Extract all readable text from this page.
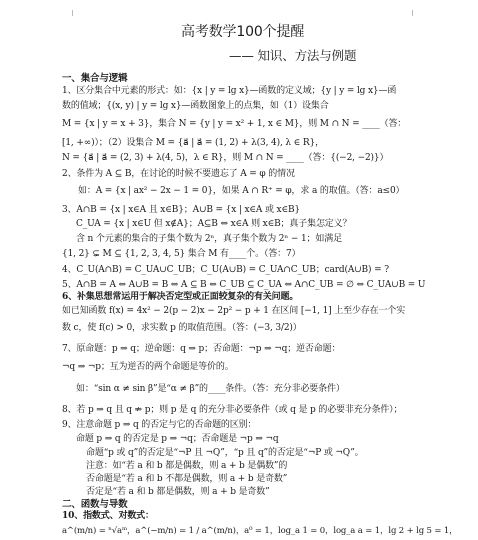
高考数学100个提醒
—— 知识、方法与例题
一、集合与逻辑
1、区分集合中元素的形式：如：{x | y = lg x}—函数的定义域；{y | y = lg x}—函
数的值域；{(x, y) | y = lg x}—函数图象上的点集，如（1）设集合
M = {x | y = x + 3}，集合 N = {y | y = x² + 1, x ∈ M}，则 M ∩ N = ____（答：
[1, +∞)）；（2）设集合 M = {a⃗ | a⃗ = (1, 2) + λ(3, 4), λ ∈ R}，
N = {a⃗ | a⃗ = (2, 3) + λ(4, 5)，λ ∈ R}，则 M ∩ N = ____（答：{(−2, −2)}）
2、条件为 A ⊆ B，在讨论的时候不要遗忘了 A = φ 的情况
如：A = {x | ax² − 2x − 1 = 0}，如果 A ∩ R⁺ = φ，求 a 的取值。（答：a≤0）
3、A∩B = {x | x∈A 且 x∈B}；A∪B = {x | x∈A 或 x∈B}
C_UA = {x | x∈U 但 x∉A}；A⊆B ⇔ x∈A 则 x∈B；真子集怎定义？
含 n 个元素的集合的子集个数为 2ⁿ，真子集个数为 2ⁿ − 1；如满足
{1, 2} ⊊ M ⊆ {1, 2, 3, 4, 5} 集合 M 有____个。（答：7）
4、C_U(A∩B) = C_UA∪C_UB；C_U(A∪B) = C_UA∩C_UB；card(A∪B) = ?
5、A∩B = A ⇔ A∪B = B ⇔ A ⊆ B ⇔ C_UB ⊆ C_UA ⇔ A∩C_UB = ∅ ⇔ C_UA∪B = U
6、补集思想常运用于解决否定型或正面较复杂的有关问题。
如已知函数 f(x) = 4x² − 2(p − 2)x − 2p² − p + 1 在区间 [−1, 1] 上至少存在一个实
数 c，使 f(c) > 0，求实数 p 的取值范围。（答：(−3, 3/2)）
7、原命题：p ⇒ q；逆命题：q ⇒ p；否命题：¬p ⇒ ¬q；逆否命题：
¬q ⇒ ¬p；互为逆否的两个命题是等价的。
如：“sin α ≠ sin β”是“α ≠ β”的____条件。（答：充分非必要条件）
8、若 p ⇒ q 且 q ⇏ p；则 p 是 q 的充分非必要条件（或 q 是 p 的必要非充分条件）；
9、注意命题 p ⇒ q 的否定与它的否命题的区别：
命题 p ⇒ q 的否定是 p ⇒ ¬q；否命题是 ¬p ⇒ ¬q
命题“p 或 q”的否定是“¬P 且 ¬Q”，“p 且 q”的否定是“¬P 或 ¬Q”。
注意：如“若 a 和 b 都是偶数，则 a + b 是偶数”的
否命题是“若 a 和 b 不都是偶数，则 a + b 是奇数”
否定是“若 a 和 b 都是偶数，则 a + b 是奇数”
二、函数与导数
10、指数式、对数式：
a^(m/n) = ⁿ√aᵐ，a^(−m/n) = 1 / a^(m/n)，a⁰ = 1，log_a 1 = 0，log_a a = 1，lg 2 + lg 5 = 1，
